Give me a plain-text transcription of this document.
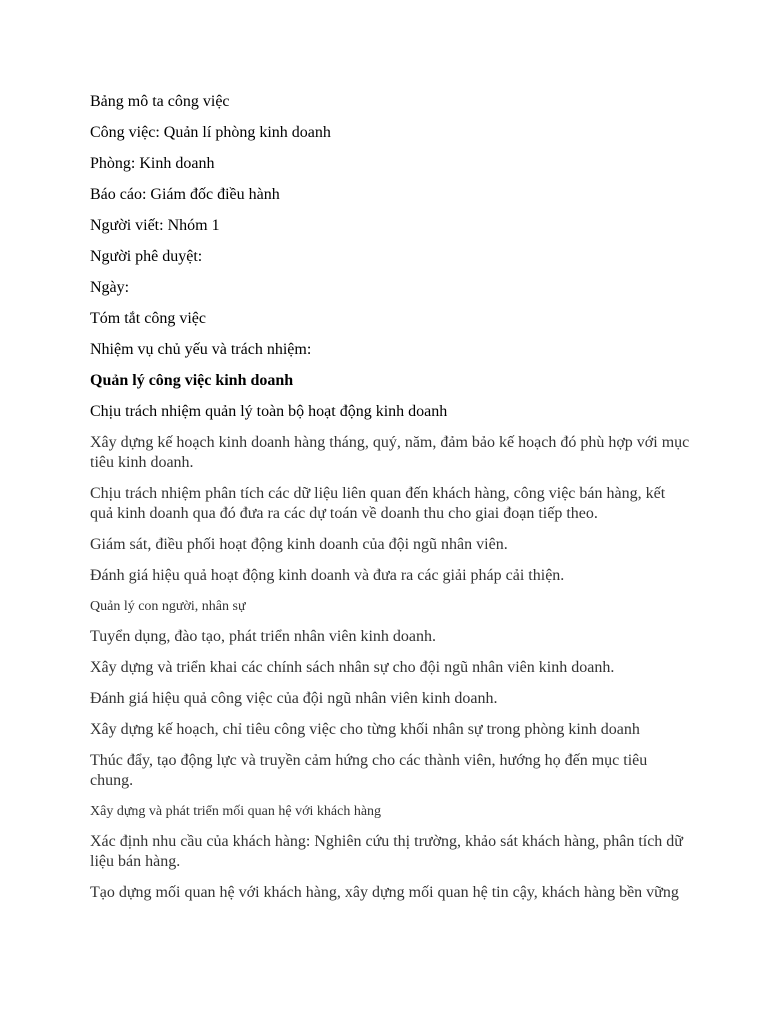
Bảng mô ta công việc

Công việc: Quản lí phòng kinh doanh

Phòng: Kinh doanh

Báo cáo: Giám đốc điều hành

Người viết: Nhóm 1

Người phê duyệt:

Ngày:

Tóm tắt công việc

Nhiệm vụ chủ yếu và trách nhiệm:

Quản lý công việc kinh doanh

Chịu trách nhiệm quản lý toàn bộ hoạt động kinh doanh

Xây dựng kế hoạch kinh doanh hàng tháng, quý, năm, đảm bảo kế hoạch đó phù hợp với mục tiêu kinh doanh.

Chịu trách nhiệm phân tích các dữ liệu liên quan đến khách hàng, công việc bán hàng, kết quả kinh doanh qua đó đưa ra các dự toán về doanh thu cho giai đoạn tiếp theo.

Giám sát, điều phối hoạt động kinh doanh của đội ngũ nhân viên.

Đánh giá hiệu quả hoạt động kinh doanh và đưa ra các giải pháp cải thiện.

Quản lý con người, nhân sự

Tuyển dụng, đào tạo, phát triển nhân viên kinh doanh.

Xây dựng và triển khai các chính sách nhân sự cho đội ngũ nhân viên kinh doanh.

Đánh giá hiệu quả công việc của đội ngũ nhân viên kinh doanh.

Xây dựng kế hoạch, chỉ tiêu công việc cho từng khối nhân sự trong phòng kinh doanh

Thúc đẩy, tạo động lực và truyền cảm hứng cho các thành viên, hướng họ đến mục tiêu chung.

Xây dựng và phát triển mối quan hệ với khách hàng

Xác định nhu cầu của khách hàng: Nghiên cứu thị trường, khảo sát khách hàng, phân tích dữ liệu bán hàng.

Tạo dựng mối quan hệ với khách hàng, xây dựng mối quan hệ tin cậy, khách hàng bền vững
